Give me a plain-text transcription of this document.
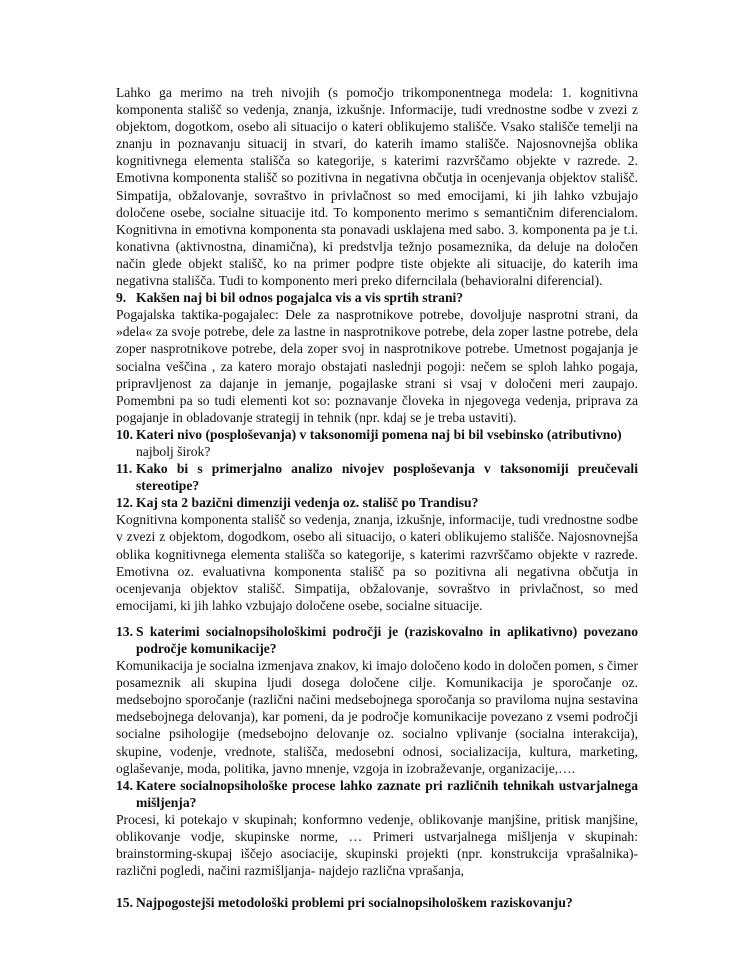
Lahko ga merimo na treh nivojih (s pomočjo trikomponentnega modela: 1. kognitivna komponenta stališč so vedenja, znanja, izkušnje. Informacije, tudi vrednostne sodbe v zvezi z objektom, dogotkom, osebo ali situacijo o kateri oblikujemo stališče. Vsako stališče temelji na znanju in poznavanju situacij in stvari, do katerih imamo stališče. Najosnovnejša oblika kognitivnega elementa stališča so kategorije, s katerimi razvrščamo objekte v razrede. 2. Emotivna komponenta stališč so pozitivna in negativna občutja in ocenjevanja objektov stališč. Simpatija, obžalovanje, sovraštvo in privlačnost so med emocijami, ki jih lahko vzbujajo določene osebe, socialne situacije itd. To komponento merimo s semantičnim diferencialom. Kognitivna in emotivna komponenta sta ponavadi usklajena med sabo. 3. komponenta pa je t.i. konativna (aktivnostna, dinamična), ki predstvlja težnjo posameznika, da deluje na določen način glede objekt stališč, ko na primer podpre tiste objekte ali situacije, do katerih ima negativna stališča. Tudi to komponento meri preko diferncilala (behavioralni diferencial).

9. Kakšen naj bi bil odnos pogajalca vis a vis sprtih strani?

Pogajalska taktika-pogajalec: Dele za nasprotnikove potrebe, dovoljuje nasprotni strani, da »dela« za svoje potrebe, dele za lastne in nasprotnikove potrebe, dela zoper lastne potrebe, dela zoper nasprotnikove potrebe, dela zoper svoj in nasprotnikove potrebe. Umetnost pogajanja je socialna veščina , za katero morajo obstajati naslednji pogoji: nečem se sploh lahko pogaja, pripravljenost za dajanje in jemanje, pogajlaske strani si vsaj v določeni meri zaupajo. Pomembni pa so tudi elementi kot so: poznavanje človeka in njegovega vedenja, priprava za pogajanje in obladovanje strategij in tehnik (npr. kdaj se je treba ustaviti).

10. Kateri nivo (posploševanja) v taksonomiji pomena naj bi bil vsebinsko (atributivno)
najbolj širok?

11. Kako bi s primerjalno analizo nivojev posploševanja v taksonomiji preučevali stereotipe?

12. Kaj sta 2 bazični dimenziji vedenja oz. stališč po Trandisu?

Kognitivna komponenta stališč so vedenja, znanja, izkušnje, informacije, tudi vrednostne sodbe v zvezi z objektom, dogodkom, osebo ali situacijo, o kateri oblikujemo stališče. Najosnovnejša oblika kognitivnega elementa stališča so kategorije, s katerimi razvrščamo objekte v razrede. Emotivna oz. evaluativna komponenta stališč pa so pozitivna ali negativna občutja in ocenjevanja objektov stališč. Simpatija, obžalovanje, sovraštvo in privlačnost, so med emocijami, ki jih lahko vzbujajo določene osebe, socialne situacije.

13. S katerimi socialnopsihološkimi področji je (raziskovalno in aplikativno) povezano področje komunikacije?

Komunikacija je socialna izmenjava znakov, ki imajo določeno kodo in določen pomen, s čimer posameznik ali skupina ljudi dosega določene cilje. Komunikacija je sporočanje oz. medsebojno sporočanje (različni načini medsebojnega sporočanja so praviloma nujna sestavina medsebojnega delovanja), kar pomeni, da je področje komunikacije povezano z vsemi področji socialne psihologije (medsebojno delovanje oz. socialno vplivanje (socialna interakcija), skupine, vodenje, vrednote, stališča, medosebni odnosi, socializacija, kultura, marketing, oglaševanje, moda, politika, javno mnenje, vzgoja in izobraževanje, organizacije,….

14. Katere socialnopsihološke procese lahko zaznate pri različnih tehnikah ustvarjalnega mišljenja?

Procesi, ki potekajo v skupinah; konformno vedenje, oblikovanje manjšine, pritisk manjšine, oblikovanje vodje, skupinske norme, … Primeri ustvarjalnega mišljenja v skupinah: brainstorming-skupaj iščejo asociacije, skupinski projekti (npr. konstrukcija vprašalnika)- različni pogledi, načini razmišljanja- najdejo različna vprašanja,

15. Najpogostejši metodološki problemi pri socialnopsihološkem raziskovanju?
